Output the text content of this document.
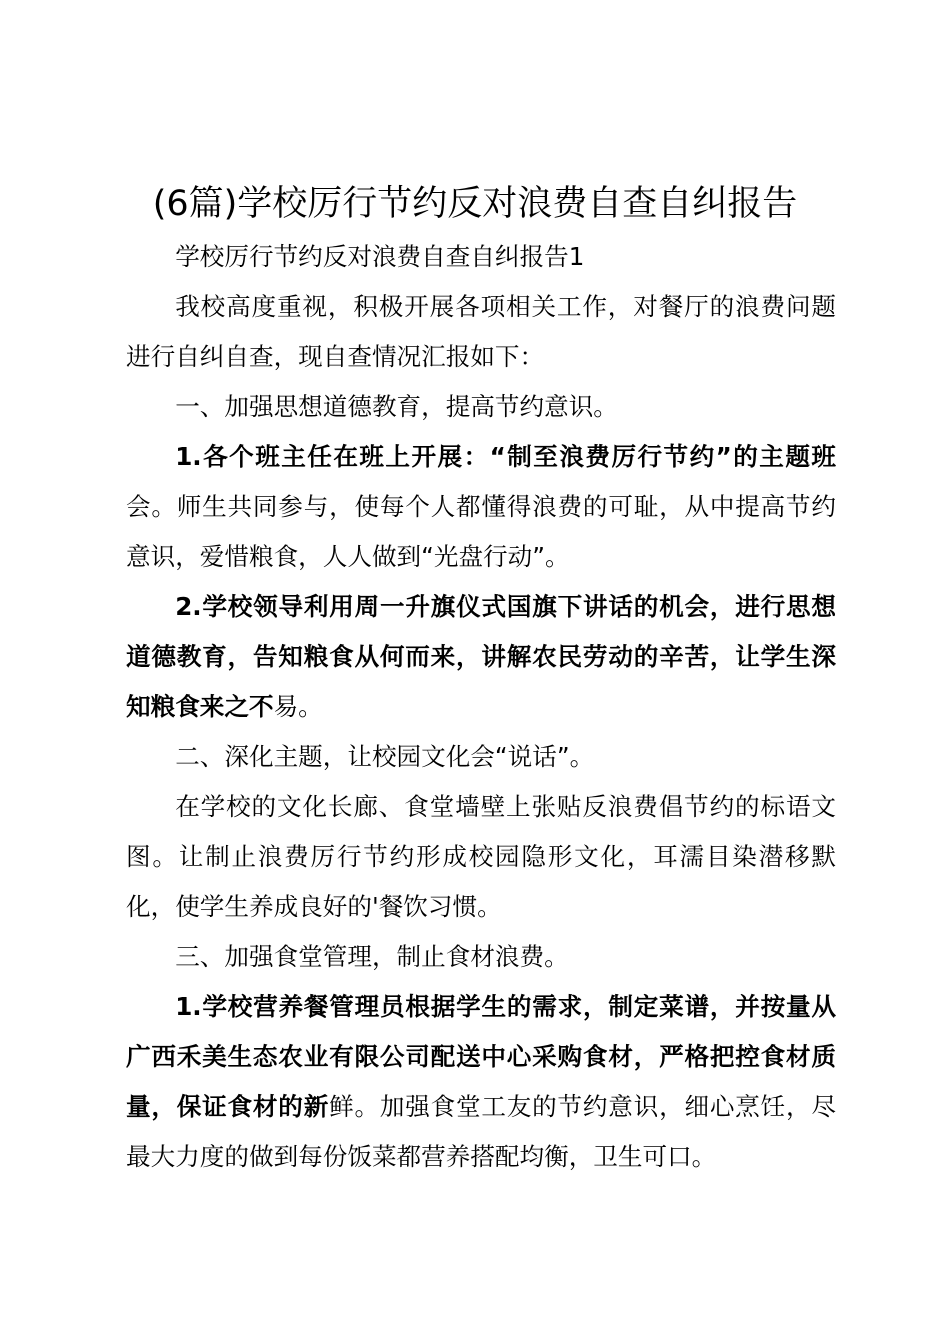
(6篇)学校厉行节约反对浪费自查自纠报告

学校厉行节约反对浪费自查自纠报告1

我校高度重视，积极开展各项相关工作，对餐厅的浪费问题进行自纠自查，现自查情况汇报如下：

一、加强思想道德教育，提高节约意识。

1.各个班主任在班上开展：“制至浪费厉行节约”的主题班会。师生共同参与，使每个人都懂得浪费的可耻，从中提高节约意识，爱惜粮食，人人做到“光盘行动”。

2.学校领导利用周一升旗仪式国旗下讲话的机会，进行思想道德教育，告知粮食从何而来，讲解农民劳动的辛苦，让学生深知粮食来之不易。

二、深化主题，让校园文化会“说话”。

在学校的文化长廊、食堂墙壁上张贴反浪费倡节约的标语文图。让制止浪费厉行节约形成校园隐形文化，耳濡目染潜移默化，使学生养成良好的'餐饮习惯。

三、加强食堂管理，制止食材浪费。

1.学校营养餐管理员根据学生的需求，制定菜谱，并按量从广西禾美生态农业有限公司配送中心采购食材，严格把控食材质量，保证食材的新鲜。加强食堂工友的节约意识，细心烹饪，尽最大力度的做到每份饭菜都营养搭配均衡，卫生可口。
